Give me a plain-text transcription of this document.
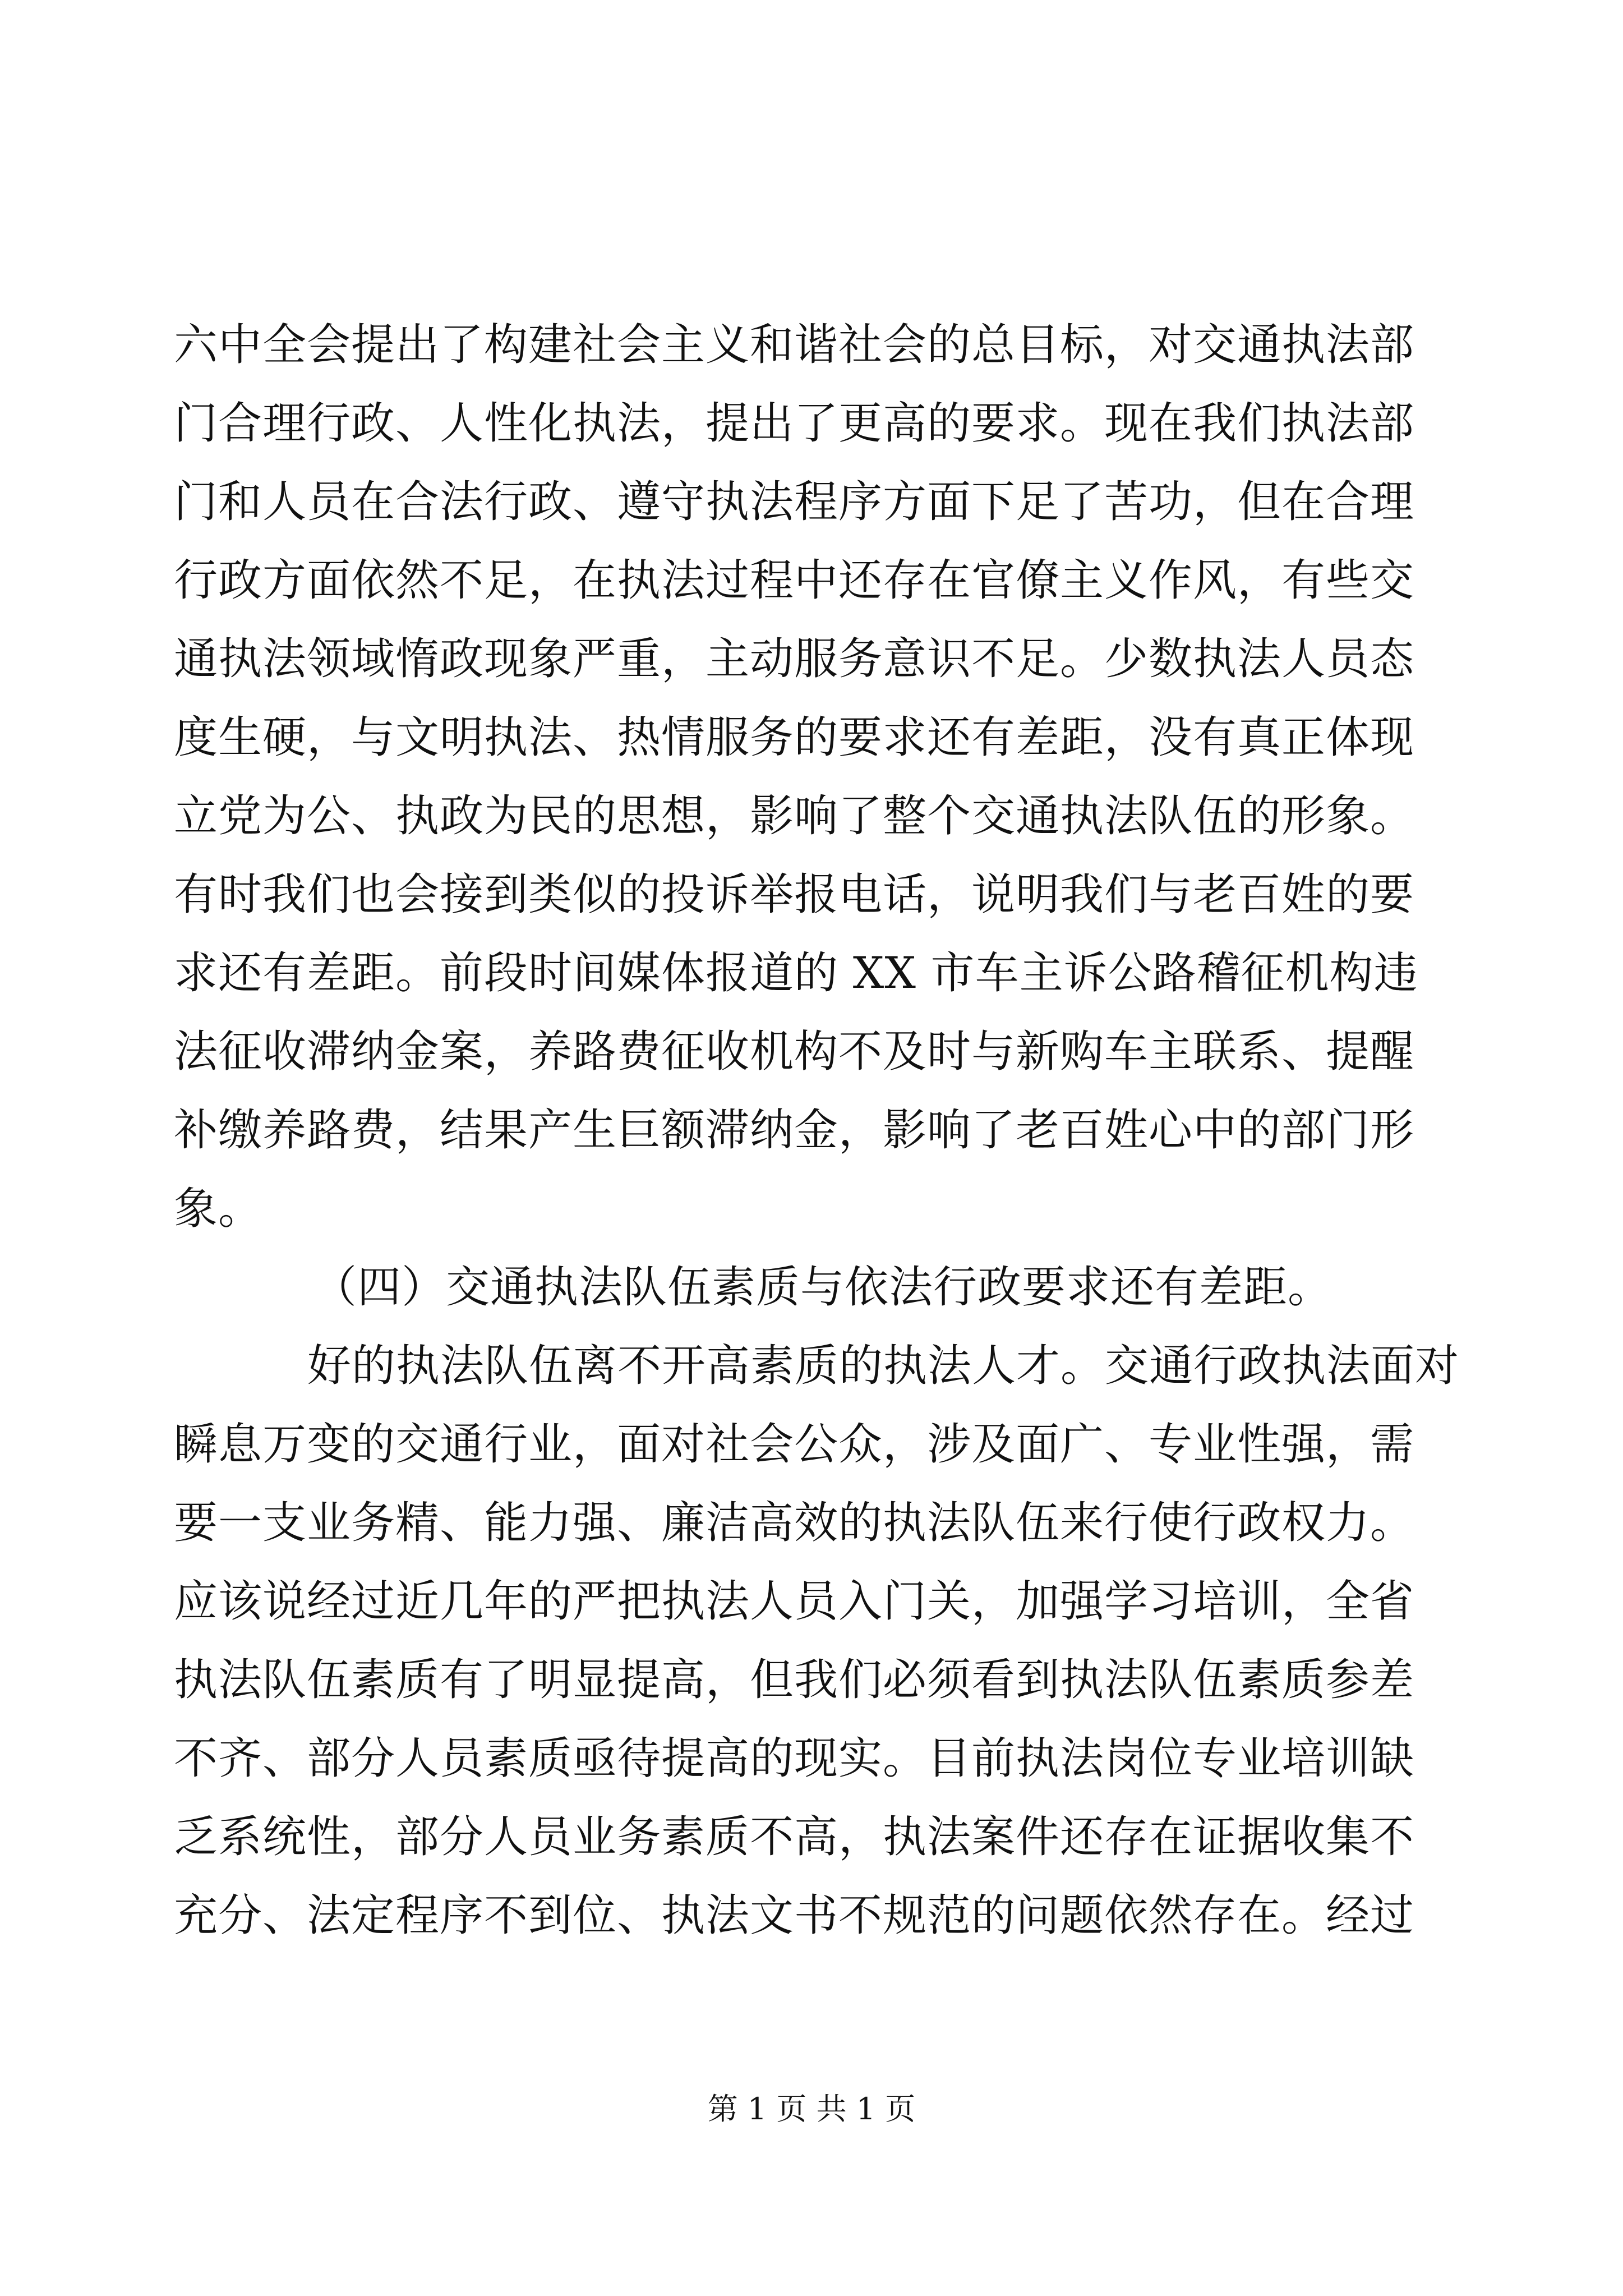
六中全会提出了构建社会主义和谐社会的总目标，对交通执法部
门合理行政、人性化执法，提出了更高的要求。现在我们执法部
门和人员在合法行政、遵守执法程序方面下足了苦功，但在合理
行政方面依然不足，在执法过程中还存在官僚主义作风，有些交
通执法领域惰政现象严重，主动服务意识不足。少数执法人员态
度生硬，与文明执法、热情服务的要求还有差距，没有真正体现
立党为公、执政为民的思想，影响了整个交通执法队伍的形象。
有时我们也会接到类似的投诉举报电话，说明我们与老百姓的要
求还有差距。前段时间媒体报道的 XX 市车主诉公路稽征机构违
法征收滞纳金案，养路费征收机构不及时与新购车主联系、提醒
补缴养路费，结果产生巨额滞纳金，影响了老百姓心中的部门形
象。
（四）交通执法队伍素质与依法行政要求还有差距。
好的执法队伍离不开高素质的执法人才。交通行政执法面对
瞬息万变的交通行业，面对社会公众，涉及面广、专业性强，需
要一支业务精、能力强、廉洁高效的执法队伍来行使行政权力。
应该说经过近几年的严把执法人员入门关，加强学习培训，全省
执法队伍素质有了明显提高，但我们必须看到执法队伍素质参差
不齐、部分人员素质亟待提高的现实。目前执法岗位专业培训缺
乏系统性，部分人员业务素质不高，执法案件还存在证据收集不
充分、法定程序不到位、执法文书不规范的问题依然存在。经过
第 1 页 共 1 页
